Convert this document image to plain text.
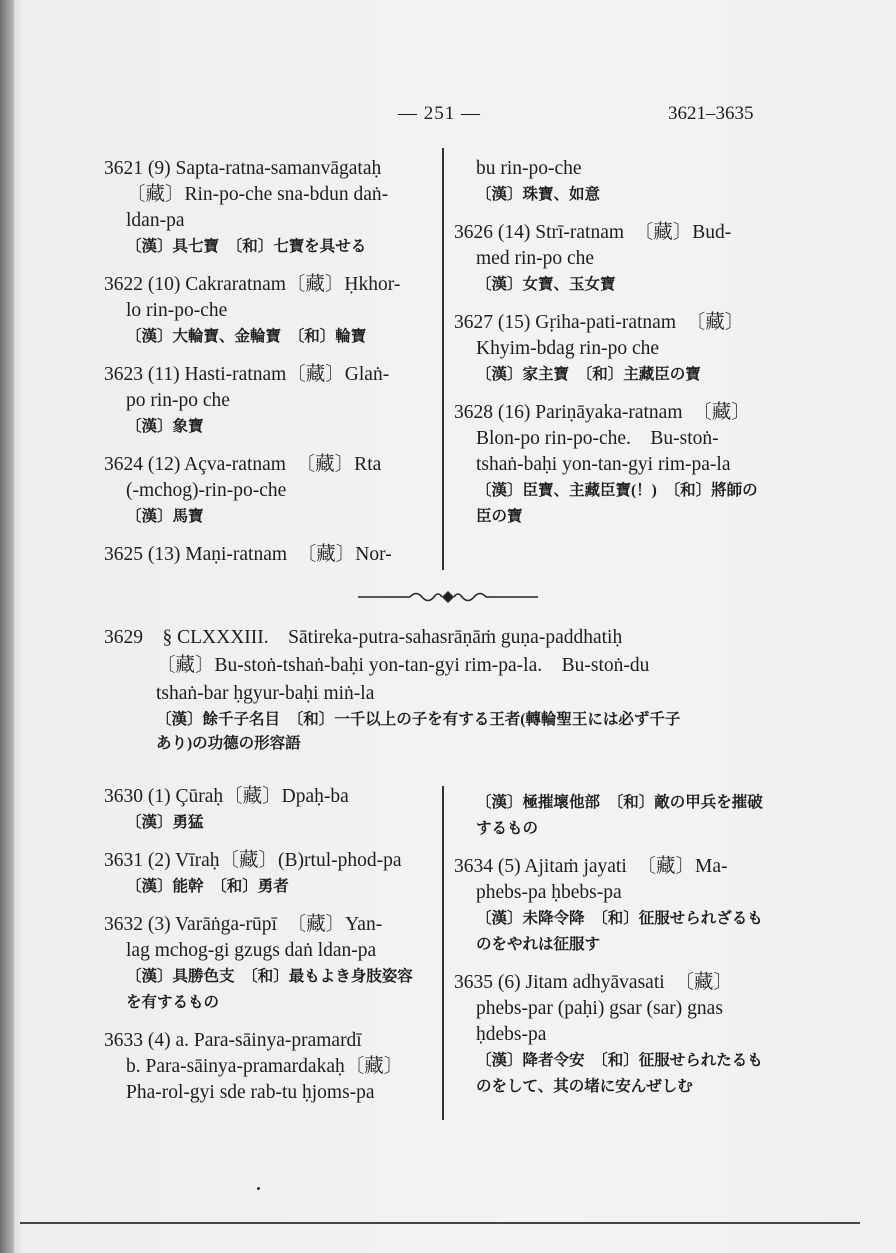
— 251 —	3621–3635
3621 (9) Sapta-ratna-samanvāgataḥ
〔藏〕Rin-po-che sna-bdun daṅ-
ldan-pa
〔漢〕具七寶　〔和〕七寶を具せる
3622 (10) Cakraratnam〔藏〕Ḥkhor-
lo rin-po-che
〔漢〕大輪寶、金輪寶　〔和〕輪寶
3623 (11) Hasti-ratnam〔藏〕Glaṅ-
po rin-po che
〔漢〕象寶
3624 (12) Açva-ratnam　〔藏〕Rta
(-mchog)-rin-po-che
〔漢〕馬寶
3625 (13) Maṇi-ratnam　〔藏〕Nor-
bu rin-po-che
〔漢〕珠寶、如意
3626 (14) Strī-ratnam　〔藏〕Bud-
med rin-po che
〔漢〕女寶、玉女寶
3627 (15) Gṛiha-pati-ratnam　〔藏〕
Khyim-bdag rin-po che
〔漢〕家主寶　〔和〕主藏臣の寶
3628 (16) Pariṇāyaka-ratnam　〔藏〕
Blon-po rin-po-che.　Bu-stoṅ-
tshaṅ-baḥi yon-tan-gyi rim-pa-la
〔漢〕臣寶、主藏臣寶(！)　〔和〕將師の
臣の寶
3629　§ CLXXXIII.　Sātireka-putra-sahasrāṇāṁ guṇa-paddhatiḥ
〔藏〕Bu-stoṅ-tshaṅ-baḥi yon-tan-gyi rim-pa-la.　Bu-stoṅ-du
tshaṅ-bar ḥgyur-baḥi miṅ-la
〔漢〕餘千子名目　〔和〕一千以上の子を有する王者(轉輪聖王には必ず千子
あり)の功德の形容語
3630 (1) Çūraḥ〔藏〕Dpaḥ-ba
〔漢〕勇猛
3631 (2) Vīraḥ〔藏〕(B)rtul-phod-pa
〔漢〕能幹　〔和〕勇者
3632 (3) Varāṅga-rūpī　〔藏〕Yan-
lag mchog-gi gzugs daṅ ldan-pa
〔漢〕具勝色支　〔和〕最もよき身肢姿容
を有するもの
3633 (4) a. Para-sāinya-pramardī
b. Para-sāinya-pramardakaḥ〔藏〕
Pha-rol-gyi sde rab-tu ḥjoms-pa
〔漢〕極摧壞他部　〔和〕敵の甲兵を摧破
するもの
3634 (5) Ajitaṁ jayati　〔藏〕Ma-
phebs-pa ḥbebs-pa
〔漢〕未降令降　〔和〕征服せられざるも
のをやれは征服す
3635 (6) Jitam adhyāvasati　〔藏〕
phebs-par (paḥi) gsar (sar) gnas
ḥdebs-pa
〔漢〕降者令安　〔和〕征服せられたるも
のをして、其の堵に安んぜしむ
